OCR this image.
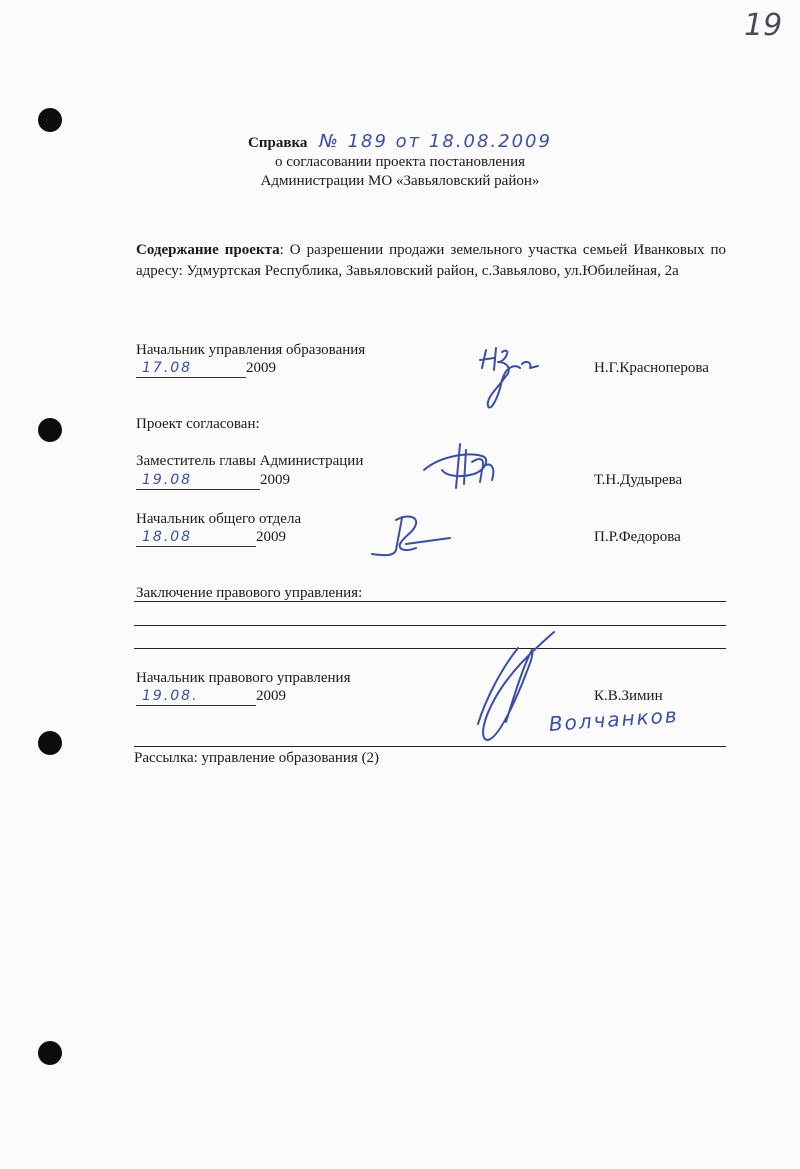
19
Справка № 189 от 18.08.2009
о согласовании проекта постановления
Администрации МО «Завьяловский район»
Содержание проекта: О разрешении продажи земельного участка семьей Иванковых по адресу: Удмуртская Республика, Завьяловский район, с.Завьялово, ул.Юбилейная, 2а
Начальник управления образования
17.08	2009	Н.Г.Красноперова
Проект согласован:
Заместитель главы Администрации
19.08	2009	Т.Н.Дудырева
Начальник общего отдела
18.08	2009	П.Р.Федорова
Заключение правового управления:
Начальник правового управления
19.08.	2009	К.В.Зимин
Волчанков
Рассылка: управление образования (2)
